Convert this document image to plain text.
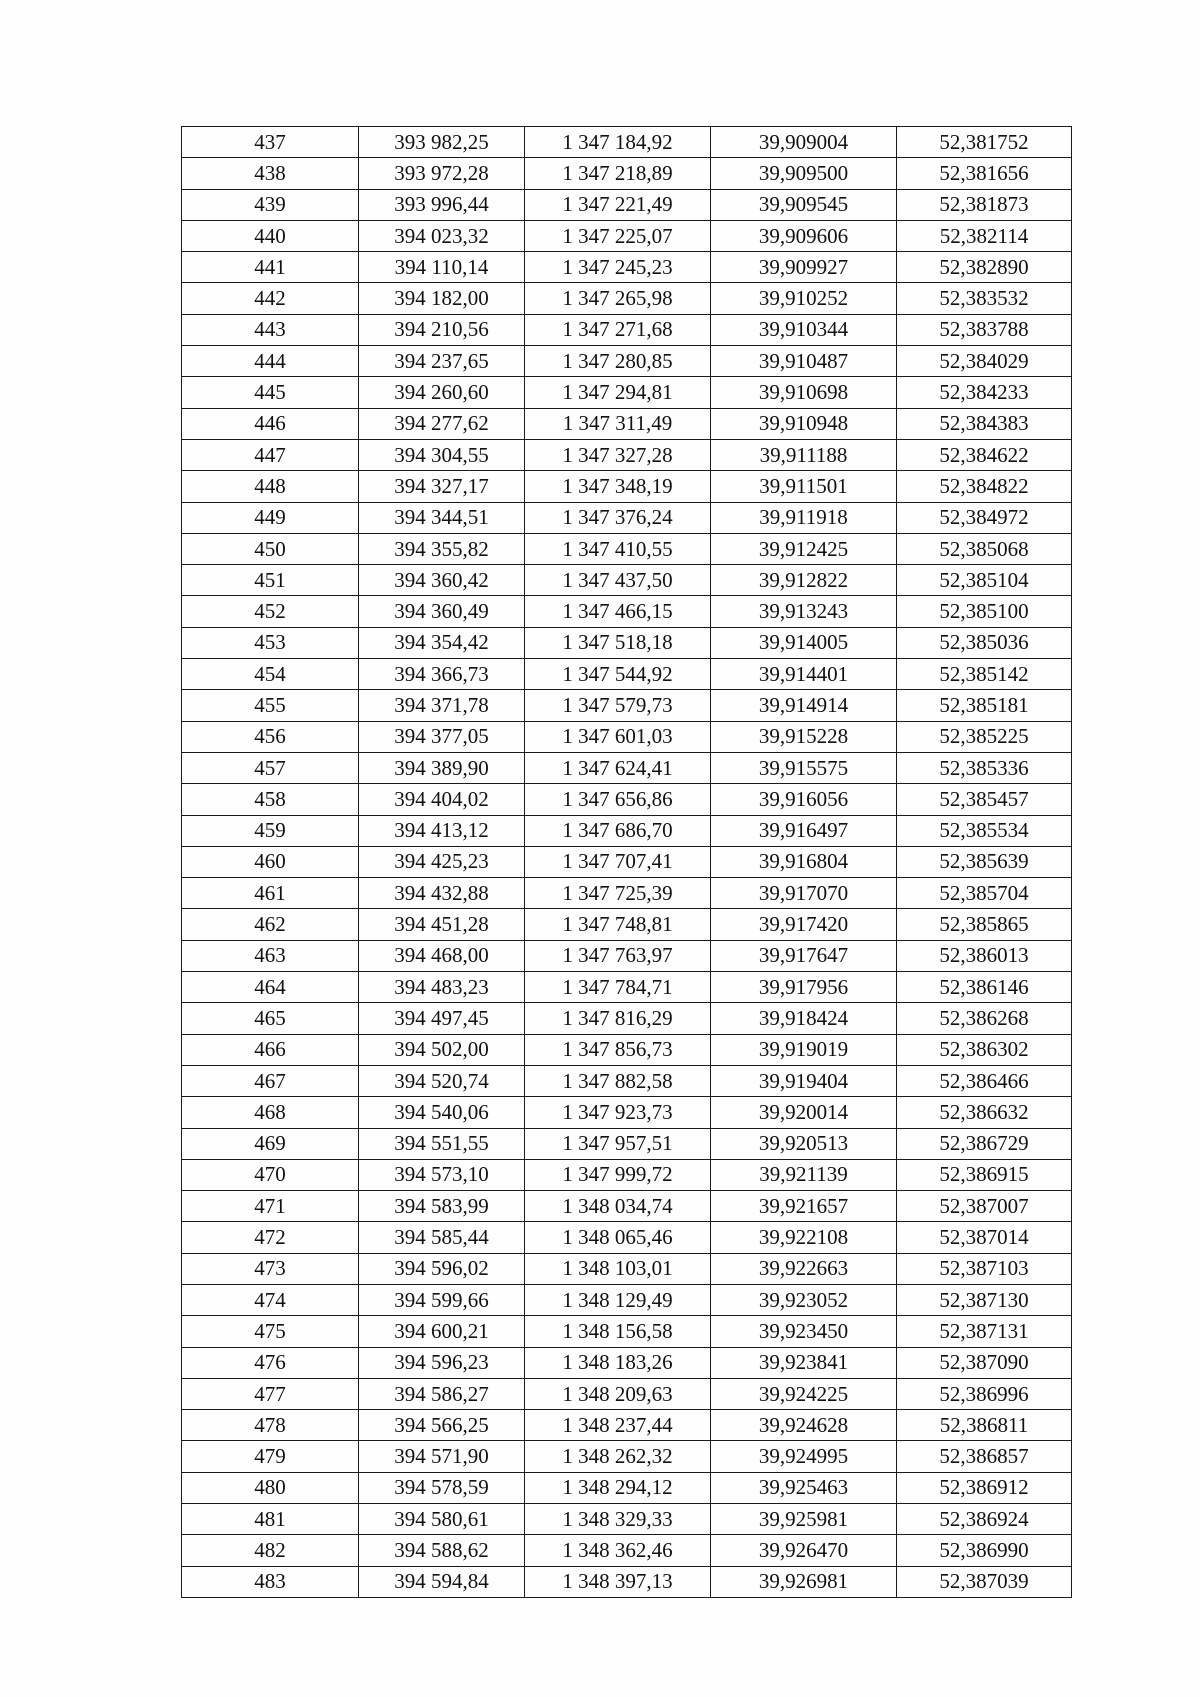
437	393 982,25	1 347 184,92	39,909004	52,381752
438	393 972,28	1 347 218,89	39,909500	52,381656
439	393 996,44	1 347 221,49	39,909545	52,381873
440	394 023,32	1 347 225,07	39,909606	52,382114
441	394 110,14	1 347 245,23	39,909927	52,382890
442	394 182,00	1 347 265,98	39,910252	52,383532
443	394 210,56	1 347 271,68	39,910344	52,383788
444	394 237,65	1 347 280,85	39,910487	52,384029
445	394 260,60	1 347 294,81	39,910698	52,384233
446	394 277,62	1 347 311,49	39,910948	52,384383
447	394 304,55	1 347 327,28	39,911188	52,384622
448	394 327,17	1 347 348,19	39,911501	52,384822
449	394 344,51	1 347 376,24	39,911918	52,384972
450	394 355,82	1 347 410,55	39,912425	52,385068
451	394 360,42	1 347 437,50	39,912822	52,385104
452	394 360,49	1 347 466,15	39,913243	52,385100
453	394 354,42	1 347 518,18	39,914005	52,385036
454	394 366,73	1 347 544,92	39,914401	52,385142
455	394 371,78	1 347 579,73	39,914914	52,385181
456	394 377,05	1 347 601,03	39,915228	52,385225
457	394 389,90	1 347 624,41	39,915575	52,385336
458	394 404,02	1 347 656,86	39,916056	52,385457
459	394 413,12	1 347 686,70	39,916497	52,385534
460	394 425,23	1 347 707,41	39,916804	52,385639
461	394 432,88	1 347 725,39	39,917070	52,385704
462	394 451,28	1 347 748,81	39,917420	52,385865
463	394 468,00	1 347 763,97	39,917647	52,386013
464	394 483,23	1 347 784,71	39,917956	52,386146
465	394 497,45	1 347 816,29	39,918424	52,386268
466	394 502,00	1 347 856,73	39,919019	52,386302
467	394 520,74	1 347 882,58	39,919404	52,386466
468	394 540,06	1 347 923,73	39,920014	52,386632
469	394 551,55	1 347 957,51	39,920513	52,386729
470	394 573,10	1 347 999,72	39,921139	52,386915
471	394 583,99	1 348 034,74	39,921657	52,387007
472	394 585,44	1 348 065,46	39,922108	52,387014
473	394 596,02	1 348 103,01	39,922663	52,387103
474	394 599,66	1 348 129,49	39,923052	52,387130
475	394 600,21	1 348 156,58	39,923450	52,387131
476	394 596,23	1 348 183,26	39,923841	52,387090
477	394 586,27	1 348 209,63	39,924225	52,386996
478	394 566,25	1 348 237,44	39,924628	52,386811
479	394 571,90	1 348 262,32	39,924995	52,386857
480	394 578,59	1 348 294,12	39,925463	52,386912
481	394 580,61	1 348 329,33	39,925981	52,386924
482	394 588,62	1 348 362,46	39,926470	52,386990
483	394 594,84	1 348 397,13	39,926981	52,387039
